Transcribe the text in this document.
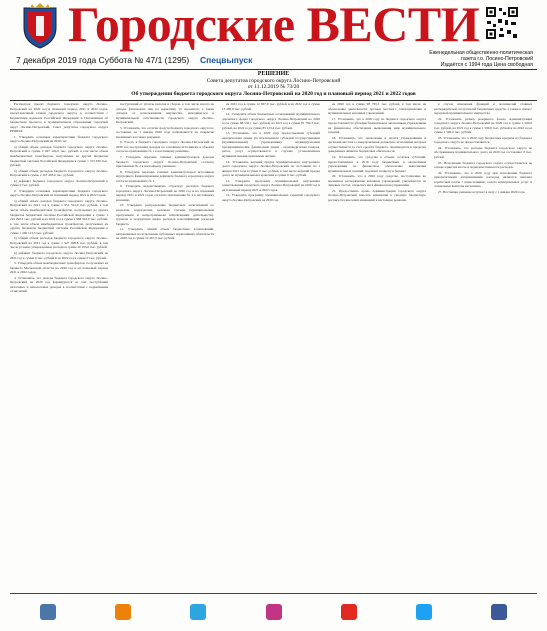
Городские ВЕСТИ
7 декабря 2019 года Суббота № 47/1 (1295) Спецвыпуск
Еженедельная общественно-политическая
газета г.о. Лосино-Петровский
Издаётся с 1994 года Цена свободная
РЕШЕНИЕ
Совета депутатов городского округа Лосино-Петровский
от 11.12.2019 № 73/20
Об утверждении бюджета городского округа Лосино-Петровский на 2020 год и плановый период 2021 и 2022 годов

Рассмотрев проект бюджета городского округа Лосино-Петровский на 2020 год и плановый период 2021 и 2022 годов, представленный главой городского округа, в соответствии с Бюджетным кодексом Российской Федерации и Положением об бюджетном процессе в муниципальном образовании городской округ Лосино-Петровский, Совет депутатов городского округа РЕШИЛ:

1. Утвердить основные характеристики бюджета городского округа Лосино-Петровский на 2020 год:

а) общий объем доходов бюджета городского округа Лосино-Петровский в сумме 2 047 164,0 тыс. рублей, в том числе объем межбюджетных трансфертов, получаемых из других бюджетов бюджетной системы Российской Федерации в сумме 1 315 650 тыс. рублей;

б) общий объем расходов бюджета городского округа Лосино-Петровский в сумме 2 167 493,6 тыс. рублей;

в) дефицит бюджета городского округа Лосино-Петровский в сумме 0 тыс. рублей.

2. Утвердить основные характеристики бюджета городского округа Лосино-Петровский на плановый период 2021 и 2022 годов:

а) общий объем доходов бюджета городского округа Лосино-Петровский на 2021 год в сумме 1 951 561,0 тыс. рублей, в том числе объем межбюджетных трансфертов, получаемых из других бюджетов бюджетной системы Российской Федерации в сумме 1 216 296,1 тыс. рублей и на 2022 год в сумме 1 983 543,0 тыс. рублей, в том числе объем межбюджетных трансфертов, получаемых из других бюджетов бюджетной системы Российской Федерации в сумме 1 260 113,3 тыс. рублей;

б) общий объем расходов бюджета городского округа Лосино-Петровский на 2021 год в сумме 1 927 908,8 тыс. рублей, в том числе условно утвержденные расходы в сумме 20 193,0 тыс. рублей;

в) дефицит бюджета городского округа Лосино-Петровский на 2021 год в сумме 0 тыс. рублей и на 2022 год в сумме 0 тыс. рублей.

3. Утвердить объем межбюджетных трансфертов, получаемых из бюджета Московской области на 2020 год и на плановый период 2021 и 2022 годов.

4. Установить, что доходы бюджета городского округа Лосино-Петровский на 2020 год формируются за счет поступлений налоговых и неналоговых доходов в соответствии с нормативами отчислений.

поступлений от уплаты налогов и сборов, в том числе налога на доходы физических лиц по нормативу 15 процентов, а также доходов от использования имущества, находящегося в муниципальной собственности городского округа Лосино-Петровский.

5. Установить, что остатки средств бюджета городского округа по состоянию на 1 января 2020 года направляются на покрытие временных кассовых разрывов.

6. Учесть в бюджете городского округа Лосино-Петровский на 2020 год поступления доходов по основным источникам в объемах согласно приложению № 1 к настоящему решению.

7. Утвердить перечень главных администраторов доходов бюджета городского округа Лосино-Петровский согласно приложению № 2 к настоящему решению.

8. Утвердить перечень главных администраторов источников внутреннего финансирования дефицита бюджета городского округа согласно приложению № 3.

9. Утвердить ведомственную структуру расходов бюджета городского округа Лосино-Петровский на 2020 год и на плановый период 2021 и 2022 годов согласно приложению № 4 к настоящему решению.

10. Утвердить распределение бюджетных ассигнований по разделам, подразделам, целевым статьям (муниципальным программам и непрограммным направлениям деятельности), группам и подгруппам видов расходов классификации расходов бюджета.

11. Утвердить общий объем бюджетных ассигнований, направляемых на исполнение публичных нормативных обязательств на 2020 год в сумме 12 467,0 тыс. рублей.

на 2021 год в сумме 12 967,0 тыс. рублей и на 2022 год в сумме 13 485,0 тыс. рублей.

12. Утвердить объем бюджетных ассигнований муниципального дорожного фонда городского округа Лосино-Петровский на 2020 год в сумме 98 532,1 тыс. рублей, на 2021 год в сумме 81 764,3 тыс. рублей, на 2022 год в сумме 85 123,4 тыс. рублей.

13. Установить, что в 2020 году предоставление субсидий юридическим лицам (за исключением субсидий государственным (муниципальным) учреждениям), индивидуальным предпринимателям, физическим лицам - производителям товаров, работ, услуг осуществляется в случаях, установленных муниципальными правовыми актами.

14. Установить верхний предел муниципального внутреннего долга городского округа Лосино-Петровский по состоянию на 1 января 2021 года в сумме 0 тыс. рублей, в том числе верхний предел долга по муниципальным гарантиям в сумме 0 тыс. рублей.

15. Утвердить программу муниципальных внутренних заимствований городского округа Лосино-Петровский на 2020 год и на плановый период 2021 и 2022 годов.

16. Утвердить программу муниципальных гарантий городского округа Лосино-Петровский на 2020 год.

на 2020 год в сумме 98 765,1 тыс. рублей, в том числе на обеспечение деятельности органов местного самоуправления и муниципальных казенных учреждений.

17. Установить, что в 2020 году из бюджета городского округа предоставляются субсидии бюджетным и автономным учреждениям на финансовое обеспечение выполнения ими муниципального задания.

18. Установить, что заключение и оплата учреждениями и органами местного самоуправления договоров, исполнение которых осуществляется за счет средств бюджета, производятся в пределах доведенных лимитов бюджетных обязательств.

19. Установить, что средства в объеме остатков субсидий, предоставленных в 2019 году бюджетным и автономным учреждениям на финансовое обеспечение выполнения муниципальных заданий, подлежат возврату в бюджет.

20. Установить, что в 2020 году средства, поступающие во временное распоряжение казенных учреждений, учитываются на лицевых счетах, открытых им в финансовом управлении.

21. Предоставить право Администрации городского округа Лосино-Петровский вносить изменения в сводную бюджетную роспись без внесения изменений в настоящее решение.

в случае изменения функций и полномочий главных распорядителей, получателей бюджетных средств, а также в связи с передачей муниципального имущества.

22. Установить размер резервного фонда Администрации городского округа Лосино-Петровский на 2020 год в сумме 1 500,0 тыс. рублей, на 2021 год в сумме 1 500,0 тыс. рублей и на 2022 год в сумме 1 500,0 тыс. рублей.

23. Установить, что в 2020 году бюджетные кредиты из бюджета городского округа не предоставляются.

24. Установить, что расходы бюджета городского округа на обслуживание муниципального долга на 2020 год составляют 0 тыс. рублей.

25. Исполнение бюджета городского округа осуществляется на основе единства кассы и подведомственности расходов.

26. Установить, что в 2020 году при исполнении бюджета приоритетными направлениями расходов являются выплата заработной платы с начислениями, оплата коммунальных услуг и социальные выплаты населению.

27. Настоящее решение вступает в силу с 1 января 2020 года.
